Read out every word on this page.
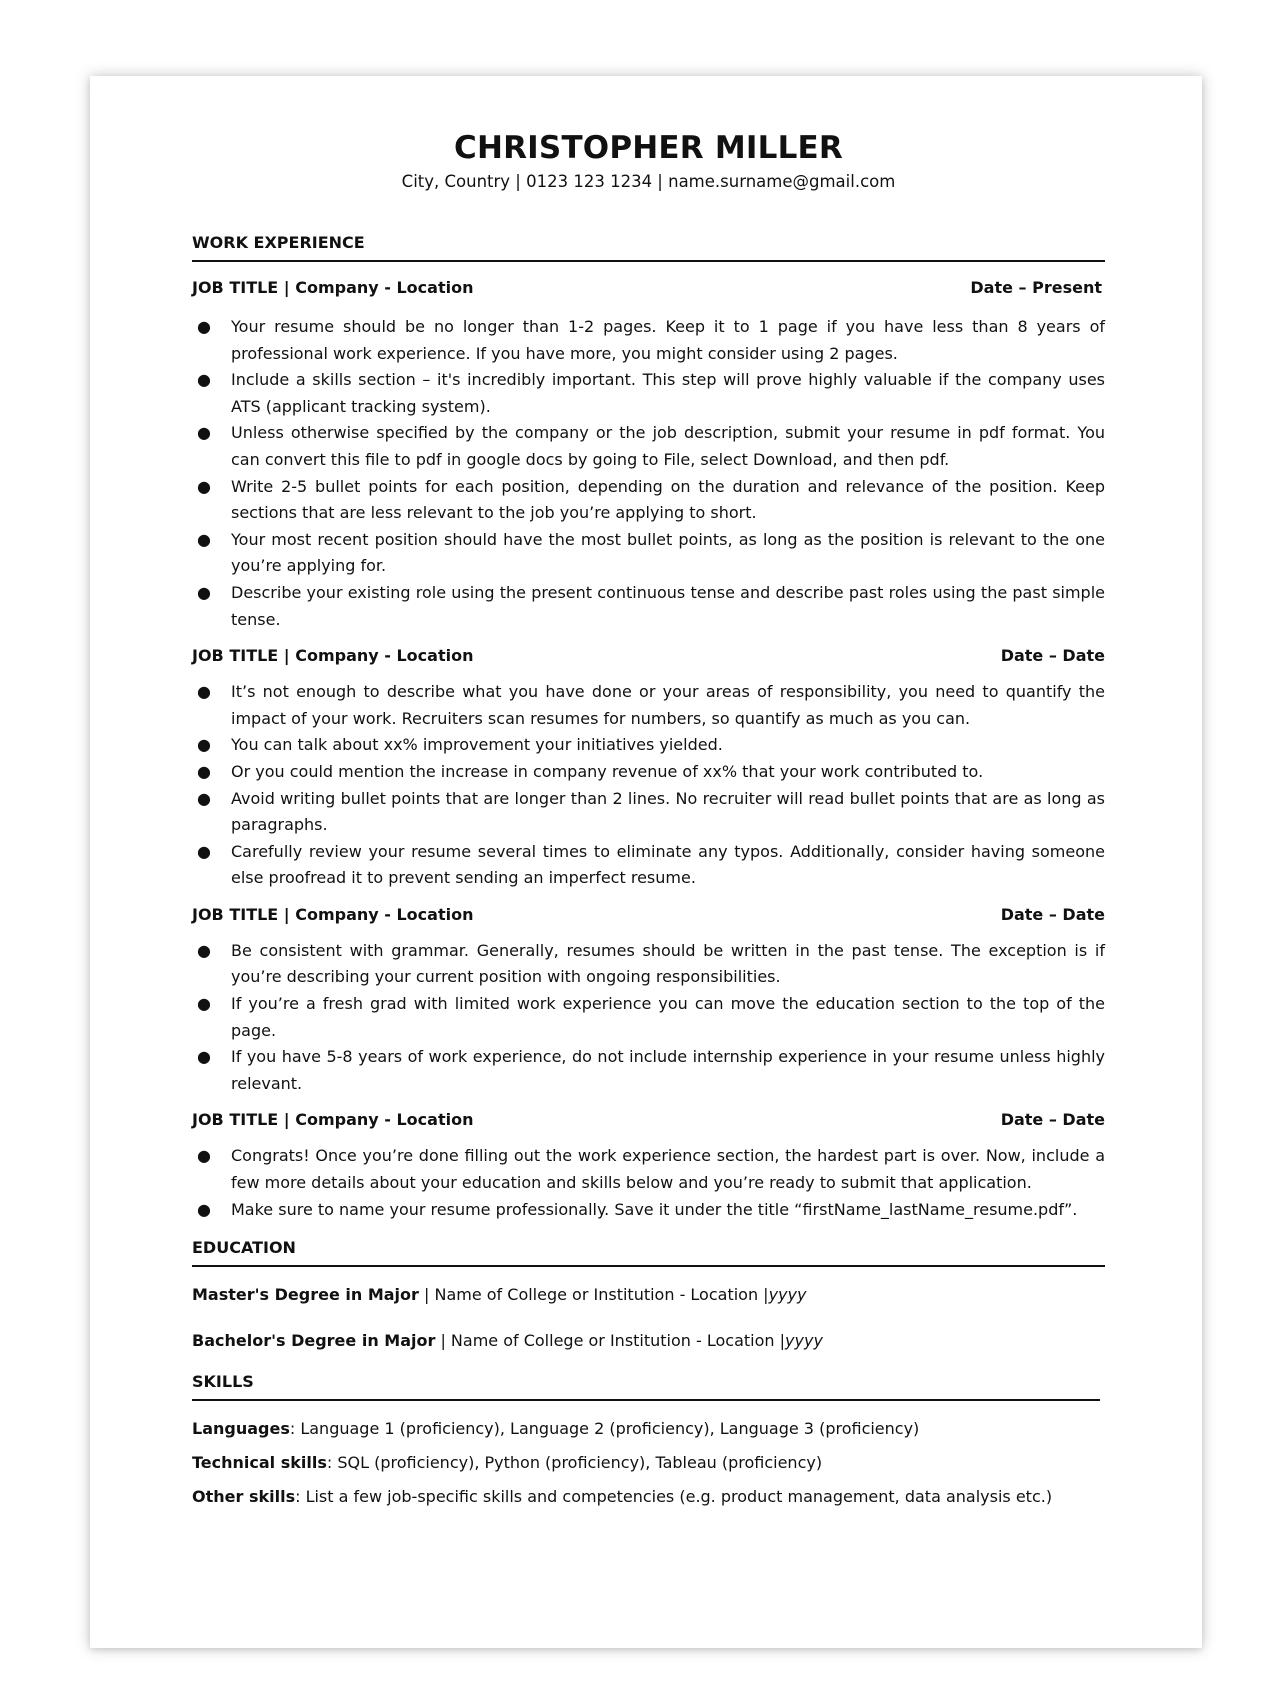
CHRISTOPHER MILLER
City, Country | 0123 123 1234 | name.surname@gmail.com
WORK EXPERIENCE
JOB TITLE | Company - Location	Date – Present
● Your resume should be no longer than 1-2 pages. Keep it to 1 page if you have less than 8 years of professional work experience. If you have more, you might consider using 2 pages.
● Include a skills section – it's incredibly important. This step will prove highly valuable if the company uses ATS (applicant tracking system).
● Unless otherwise specified by the company or the job description, submit your resume in pdf format. You can convert this file to pdf in google docs by going to File, select Download, and then pdf.
● Write 2-5 bullet points for each position, depending on the duration and relevance of the position. Keep sections that are less relevant to the job you’re applying to short.
● Your most recent position should have the most bullet points, as long as the position is relevant to the one you’re applying for.
● Describe your existing role using the present continuous tense and describe past roles using the past simple tense.
JOB TITLE | Company - Location	Date – Date
● It’s not enough to describe what you have done or your areas of responsibility, you need to quantify the impact of your work. Recruiters scan resumes for numbers, so quantify as much as you can.
● You can talk about xx% improvement your initiatives yielded.
● Or you could mention the increase in company revenue of xx% that your work contributed to.
● Avoid writing bullet points that are longer than 2 lines. No recruiter will read bullet points that are as long as paragraphs.
● Carefully review your resume several times to eliminate any typos. Additionally, consider having someone else proofread it to prevent sending an imperfect resume.
JOB TITLE | Company - Location	Date – Date
● Be consistent with grammar. Generally, resumes should be written in the past tense. The exception is if you’re describing your current position with ongoing responsibilities.
● If you’re a fresh grad with limited work experience you can move the education section to the top of the page.
● If you have 5-8 years of work experience, do not include internship experience in your resume unless highly relevant.
JOB TITLE | Company - Location	Date – Date
● Congrats! Once you’re done filling out the work experience section, the hardest part is over. Now, include a few more details about your education and skills below and you’re ready to submit that application.
● Make sure to name your resume professionally. Save it under the title “firstName_lastName_resume.pdf”.
EDUCATION
Master's Degree in Major | Name of College or Institution - Location |yyyy
Bachelor's Degree in Major | Name of College or Institution - Location |yyyy
SKILLS
Languages: Language 1 (proficiency), Language 2 (proficiency), Language 3 (proficiency)
Technical skills: SQL (proficiency), Python (proficiency), Tableau (proficiency)
Other skills: List a few job-specific skills and competencies (e.g. product management, data analysis etc.)
